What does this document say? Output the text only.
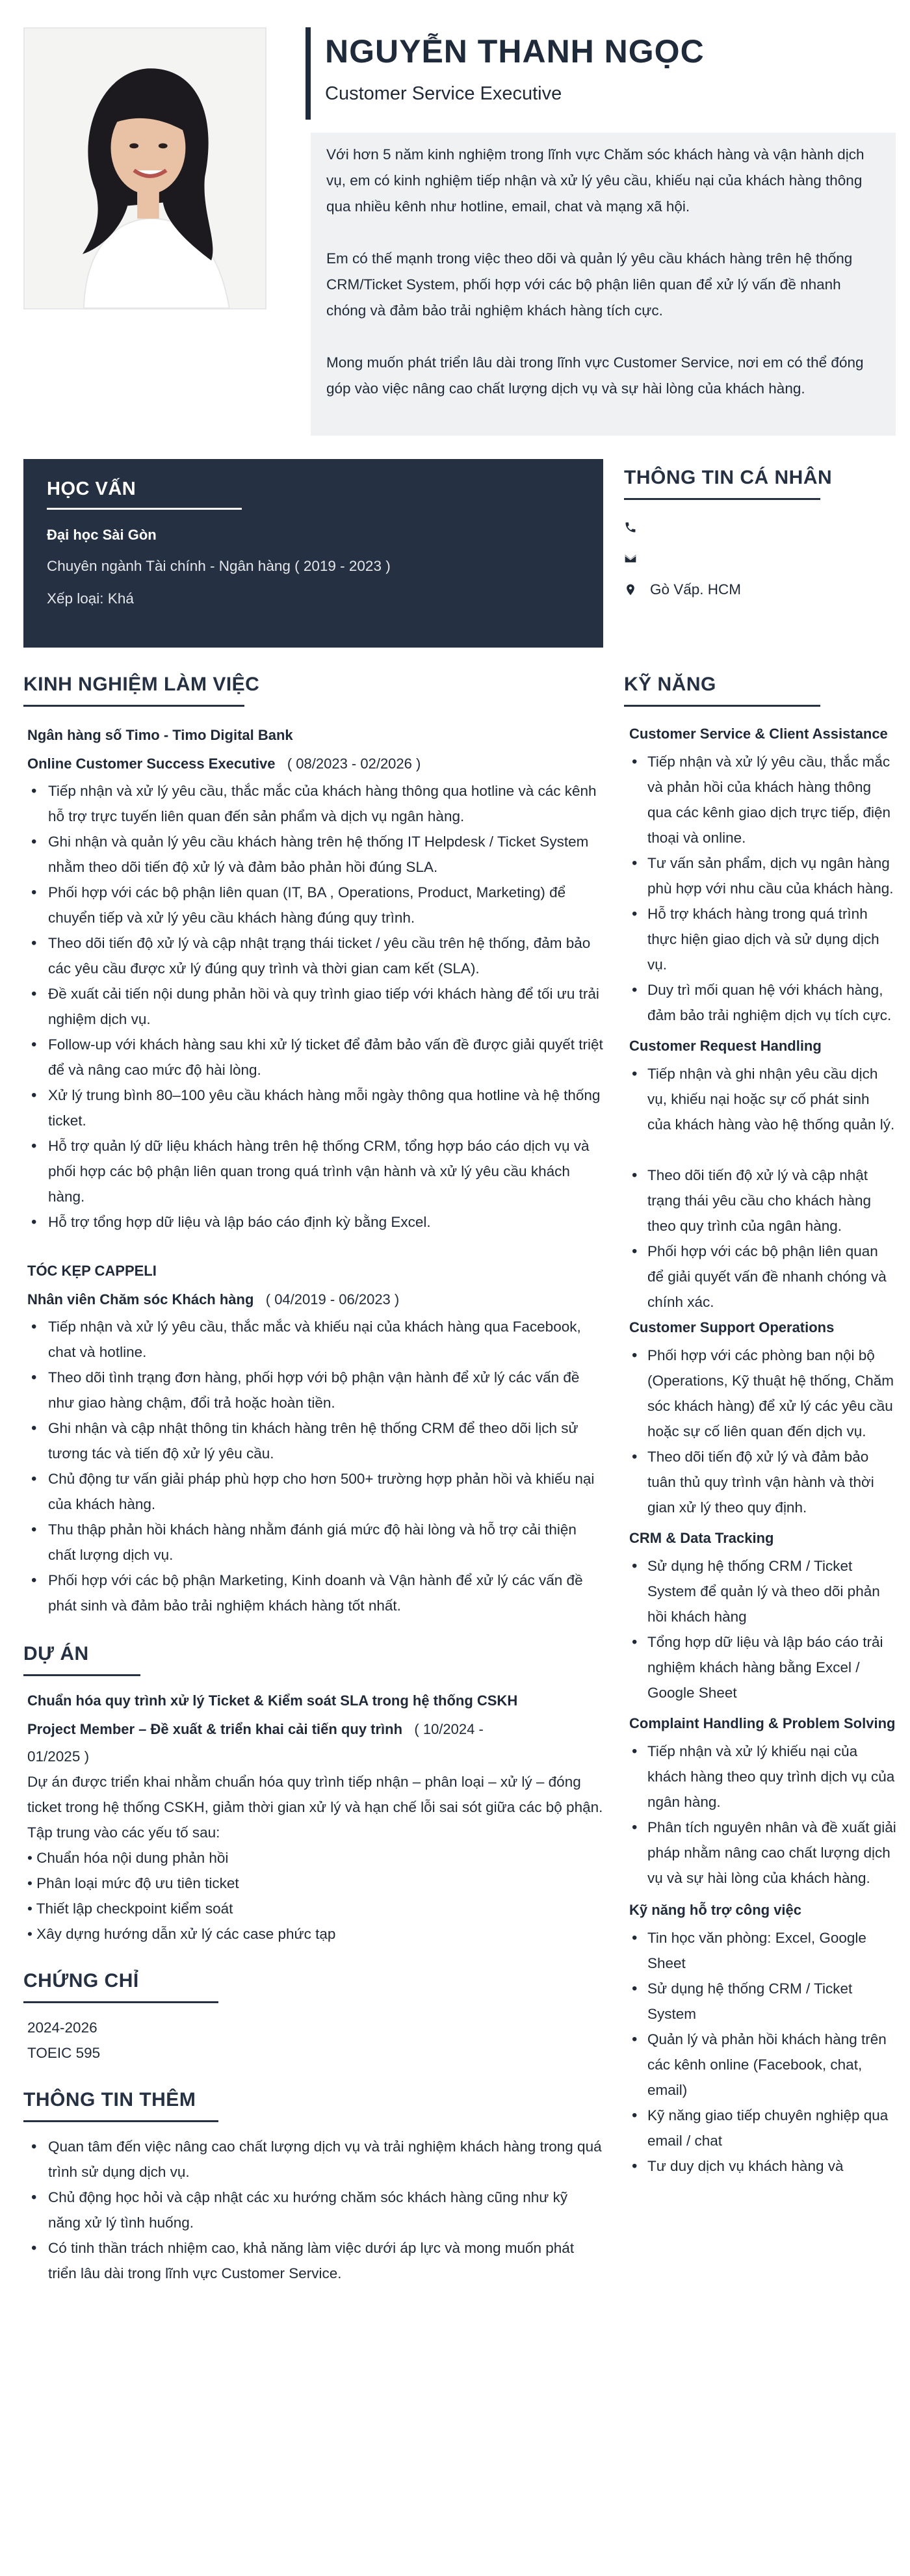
NGUYỄN THANH NGỌC
Customer Service Executive

Với hơn 5 năm kinh nghiệm trong lĩnh vực Chăm sóc khách hàng và vận hành dịch vụ, em có kinh nghiệm tiếp nhận và xử lý yêu cầu, khiếu nại của khách hàng thông qua nhiều kênh như hotline, email, chat và mạng xã hội.

Em có thế mạnh trong việc theo dõi và quản lý yêu cầu khách hàng trên hệ thống CRM/Ticket System, phối hợp với các bộ phận liên quan để xử lý vấn đề nhanh chóng và đảm bảo trải nghiệm khách hàng tích cực.

Mong muốn phát triển lâu dài trong lĩnh vực Customer Service, nơi em có thể đóng góp vào việc nâng cao chất lượng dịch vụ và sự hài lòng của khách hàng.

HỌC VẤN
Đại học Sài Gòn
Chuyên ngành Tài chính - Ngân hàng ( 2019 - 2023 )
Xếp loại: Khá
THÔNG TIN CÁ NHÂN
Gò Vấp. HCM
KINH NGHIỆM LÀM VIỆC
Ngân hàng số Timo - Timo Digital Bank
Online Customer Success Executive ( 08/2023 - 02/2026 )
• Tiếp nhận và xử lý yêu cầu, thắc mắc của khách hàng thông qua hotline và các kênh hỗ trợ trực tuyến liên quan đến sản phẩm và dịch vụ ngân hàng.
• Ghi nhận và quản lý yêu cầu khách hàng trên hệ thống IT Helpdesk / Ticket System nhằm theo dõi tiến độ xử lý và đảm bảo phản hồi đúng SLA.
• Phối hợp với các bộ phận liên quan (IT, BA , Operations, Product, Marketing) để chuyển tiếp và xử lý yêu cầu khách hàng đúng quy trình.
• Theo dõi tiến độ xử lý và cập nhật trạng thái ticket / yêu cầu trên hệ thống, đảm bảo các yêu cầu được xử lý đúng quy trình và thời gian cam kết (SLA).
• Đề xuất cải tiến nội dung phản hồi và quy trình giao tiếp với khách hàng để tối ưu trải nghiệm dịch vụ.
• Follow-up với khách hàng sau khi xử lý ticket để đảm bảo vấn đề được giải quyết triệt để và nâng cao mức độ hài lòng.
• Xử lý trung bình 80–100 yêu cầu khách hàng mỗi ngày thông qua hotline và hệ thống ticket.
• Hỗ trợ quản lý dữ liệu khách hàng trên hệ thống CRM, tổng hợp báo cáo dịch vụ và phối hợp các bộ phận liên quan trong quá trình vận hành và xử lý yêu cầu khách hàng.
• Hỗ trợ tổng hợp dữ liệu và lập báo cáo định kỳ bằng Excel.
TÓC KẸP CAPPELI
Nhân viên Chăm sóc Khách hàng ( 04/2019 - 06/2023 )
• Tiếp nhận và xử lý yêu cầu, thắc mắc và khiếu nại của khách hàng qua Facebook, chat và hotline.
• Theo dõi tình trạng đơn hàng, phối hợp với bộ phận vận hành để xử lý các vấn đề như giao hàng chậm, đổi trả hoặc hoàn tiền.
• Ghi nhận và cập nhật thông tin khách hàng trên hệ thống CRM để theo dõi lịch sử tương tác và tiến độ xử lý yêu cầu.
• Chủ động tư vấn giải pháp phù hợp cho hơn 500+ trường hợp phản hồi và khiếu nại của khách hàng.
• Thu thập phản hồi khách hàng nhằm đánh giá mức độ hài lòng và hỗ trợ cải thiện chất lượng dịch vụ.
• Phối hợp với các bộ phận Marketing, Kinh doanh và Vận hành để xử lý các vấn đề phát sinh và đảm bảo trải nghiệm khách hàng tốt nhất.
DỰ ÁN
Chuẩn hóa quy trình xử lý Ticket & Kiểm soát SLA trong hệ thống CSKH
Project Member – Đề xuất & triển khai cải tiến quy trình ( 10/2024 -
01/2025 )
Dự án được triển khai nhằm chuẩn hóa quy trình tiếp nhận – phân loại – xử lý – đóng ticket trong hệ thống CSKH, giảm thời gian xử lý và hạn chế lỗi sai sót giữa các bộ phận.
Tập trung vào các yếu tố sau:
• Chuẩn hóa nội dung phản hồi
• Phân loại mức độ ưu tiên ticket
• Thiết lập checkpoint kiểm soát
• Xây dựng hướng dẫn xử lý các case phức tạp
CHỨNG CHỈ
2024-2026
TOEIC 595
THÔNG TIN THÊM
• Quan tâm đến việc nâng cao chất lượng dịch vụ và trải nghiệm khách hàng trong quá trình sử dụng dịch vụ.
• Chủ động học hỏi và cập nhật các xu hướng chăm sóc khách hàng cũng như kỹ năng xử lý tình huống.
• Có tinh thần trách nhiệm cao, khả năng làm việc dưới áp lực và mong muốn phát triển lâu dài trong lĩnh vực Customer Service.
KỸ NĂNG
Customer Service & Client Assistance
• Tiếp nhận và xử lý yêu cầu, thắc mắc và phản hồi của khách hàng thông qua các kênh giao dịch trực tiếp, điện thoại và online.
• Tư vấn sản phẩm, dịch vụ ngân hàng phù hợp với nhu cầu của khách hàng.
• Hỗ trợ khách hàng trong quá trình thực hiện giao dịch và sử dụng dịch vụ.
• Duy trì mối quan hệ với khách hàng, đảm bảo trải nghiệm dịch vụ tích cực.
Customer Request Handling
• Tiếp nhận và ghi nhận yêu cầu dịch vụ, khiếu nại hoặc sự cố phát sinh của khách hàng vào hệ thống quản lý.
• Theo dõi tiến độ xử lý và cập nhật trạng thái yêu cầu cho khách hàng theo quy trình của ngân hàng.
• Phối hợp với các bộ phận liên quan để giải quyết vấn đề nhanh chóng và chính xác.
Customer Support Operations
• Phối hợp với các phòng ban nội bộ (Operations, Kỹ thuật hệ thống, Chăm sóc khách hàng) để xử lý các yêu cầu hoặc sự cố liên quan đến dịch vụ.
• Theo dõi tiến độ xử lý và đảm bảo tuân thủ quy trình vận hành và thời gian xử lý theo quy định.
CRM & Data Tracking
• Sử dụng hệ thống CRM / Ticket System để quản lý và theo dõi phản hồi khách hàng
• Tổng hợp dữ liệu và lập báo cáo trải nghiệm khách hàng bằng Excel / Google Sheet
Complaint Handling & Problem Solving
• Tiếp nhận và xử lý khiếu nại của khách hàng theo quy trình dịch vụ của ngân hàng.
• Phân tích nguyên nhân và đề xuất giải pháp nhằm nâng cao chất lượng dịch vụ và sự hài lòng của khách hàng.
Kỹ năng hỗ trợ công việc
• Tin học văn phòng: Excel, Google Sheet
• Sử dụng hệ thống CRM / Ticket System
• Quản lý và phản hồi khách hàng trên các kênh online (Facebook, chat, email)
• Kỹ năng giao tiếp chuyên nghiệp qua email / chat
• Tư duy dịch vụ khách hàng và
